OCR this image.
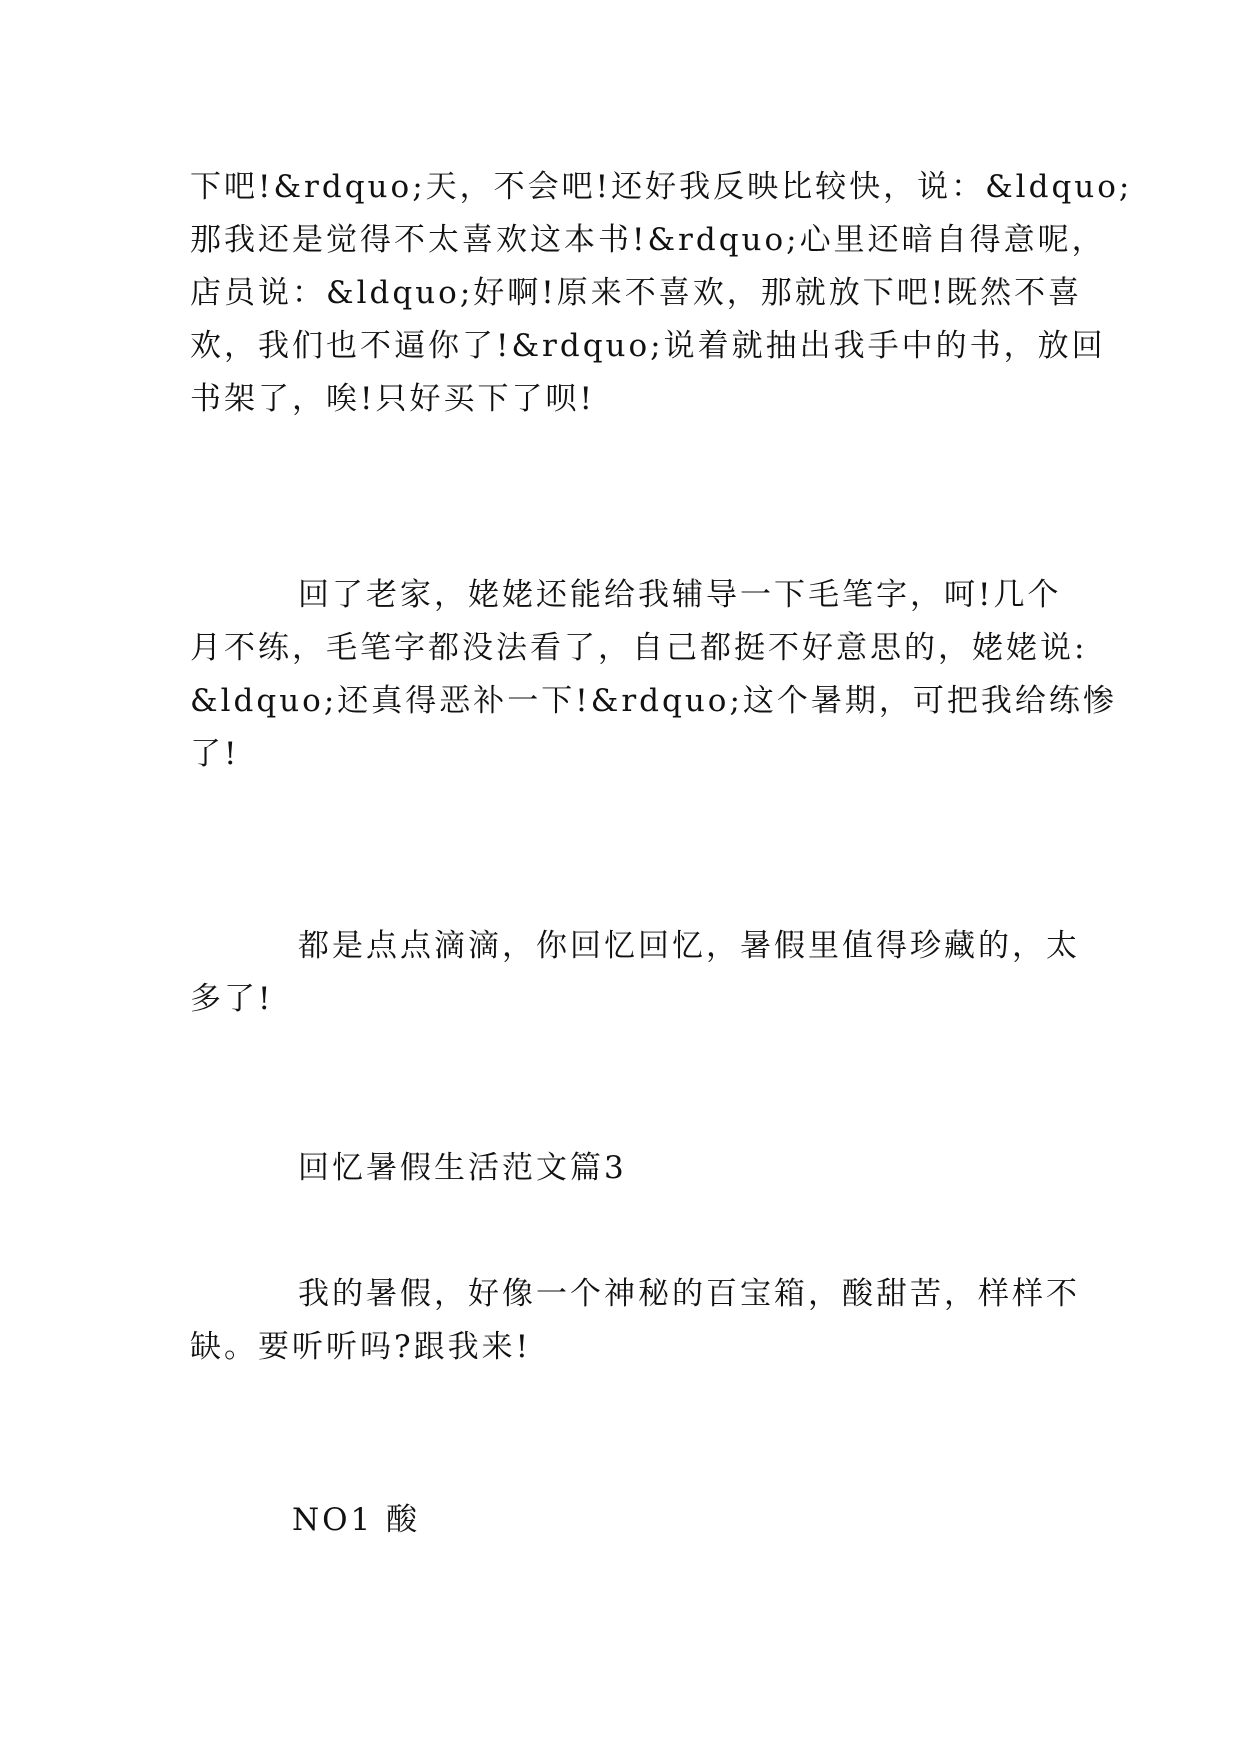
下吧!&rdquo;天，不会吧!还好我反映比较快，说：&ldquo;
那我还是觉得不太喜欢这本书!&rdquo;心里还暗自得意呢，
店员说：&ldquo;好啊!原来不喜欢，那就放下吧!既然不喜
欢，我们也不逼你了!&rdquo;说着就抽出我手中的书，放回
书架了，唉!只好买下了呗!
回了老家，姥姥还能给我辅导一下毛笔字，呵!几个
月不练，毛笔字都没法看了，自己都挺不好意思的，姥姥说:
&ldquo;还真得恶补一下!&rdquo;这个暑期，可把我给练惨
了!
都是点点滴滴，你回忆回忆，暑假里值得珍藏的，太
多了!
回忆暑假生活范文篇3
我的暑假，好像一个神秘的百宝箱，酸甜苦，样样不
缺。要听听吗?跟我来!
NO1 酸
